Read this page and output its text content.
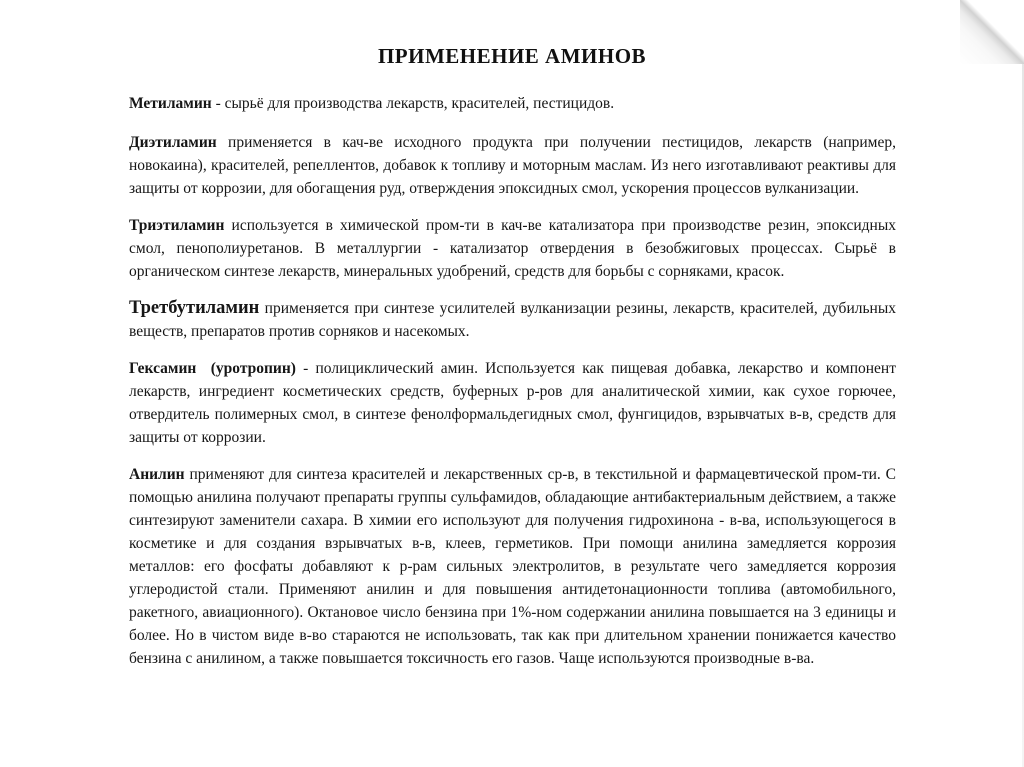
ПРИМЕНЕНИЕ АМИНОВ

Метиламин - сырьё для производства лекарств, красителей, пестицидов.

Диэтиламин применяется в кач-ве исходного продукта при получении пестицидов, лекарств (например, новокаина), красителей, репеллентов, добавок к топливу и моторным маслам. Из него изготавливают реактивы для защиты от коррозии, для обогащения руд, отверждения эпоксидных смол, ускорения процессов вулканизации.

Триэтиламин используется в химической пром-ти в кач-ве катализатора при производстве резин, эпоксидных смол, пенополиуретанов. В металлургии - катализатор отвердения в безобжиговых процессах. Сырьё в органическом синтезе лекарств, минеральных удобрений, средств для борьбы с сорняками, красок.

Третбутиламин применяется при синтезе усилителей вулканизации резины, лекарств, красителей, дубильных веществ, препаратов против сорняков и насекомых.

Гексамин  (уротропин) - полициклический амин. Используется как пищевая добавка, лекарство и компонент лекарств, ингредиент косметических средств, буферных р-ров для аналитической химии, как сухое горючее, отвердитель полимерных смол, в синтезе фенолформальдегидных смол, фунгицидов, взрывчатых в-в, средств для защиты от коррозии.

Анилин применяют для синтеза красителей и лекарственных ср-в, в текстильной и фармацевтической пром-ти. С помощью анилина получают препараты группы сульфамидов, обладающие антибактериальным действием, а также синтезируют заменители сахара. В химии его используют для получения гидрохинона - в-ва, использующегося в косметике и для создания взрывчатых в-в, клеев, герметиков. При помощи анилина замедляется коррозия металлов: его фосфаты добавляют к р-рам сильных электролитов, в результате чего замедляется коррозия углеродистой стали. Применяют анилин и для повышения антидетонационности топлива (автомобильного, ракетного, авиационного). Октановое число бензина при 1%-ном содержании анилина повышается на 3 единицы и более. Но в чистом виде в-во стараются не использовать, так как при длительном хранении понижается качество бензина с анилином, а также повышается токсичность его газов. Чаще используются производные в-ва.
